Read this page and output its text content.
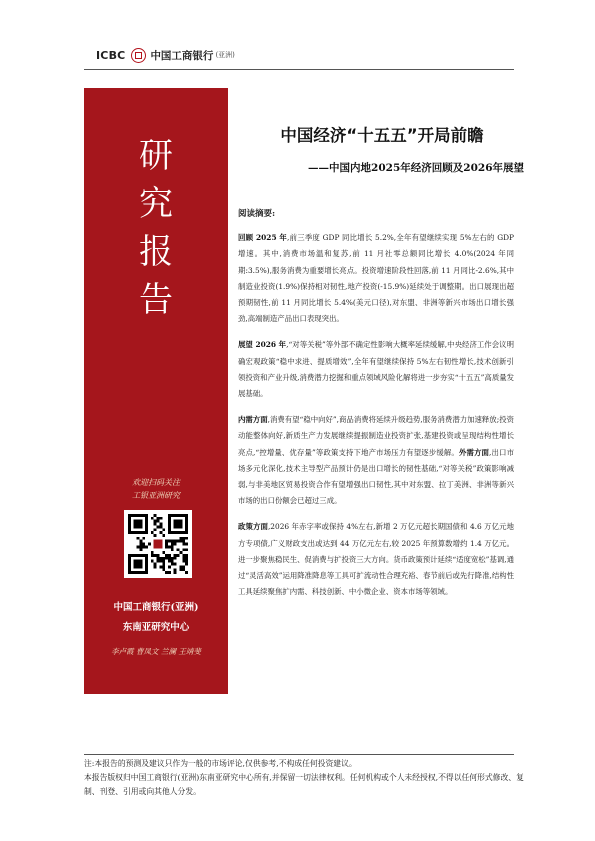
ICBC 中国工商银行 (亚洲)
研
究
报
告
欢迎扫码关注
工银亚洲研究
中国工商银行(亚洲)
东南亚研究中心
李卢霞 曹凤文 兰澜 王靖斐
中国经济“十五五”开局前瞻
——中国内地2025年经济回顾及2026年展望

阅读摘要:

回顾 2025 年,前三季度 GDP 同比增长 5.2%,全年有望继续实现 5%左右的 GDP 增速。其中,消费市场温和复苏,前 11 月社零总额同比增长 4.0%(2024 年同期:3.5%),服务消费为重要增长亮点。投资增速阶段性回落,前 11 月同比-2.6%,其中制造业投资(1.9%)保持相对韧性,地产投资(-15.9%)延续处于调整期。出口展现出超预期韧性,前 11 月同比增长 5.4%(美元口径),对东盟、非洲等新兴市场出口增长强劲,高端制造产品出口表现突出。

展望 2026 年,“对等关税”等外部不确定性影响大概率延续缓解,中央经济工作会议明确宏观政策“稳中求进、提质增效”,全年有望继续保持 5%左右韧性增长,技术创新引领投资和产业升级,消费潜力挖掘和重点领域风险化解将进一步夯实“十五五”高质量发展基础。

内需方面,消费有望“稳中向好”,商品消费将延续升级趋势,服务消费潜力加速释放;投资动能整体向好,新质生产力发展继续提振制造业投资扩张,基建投资或呈现结构性增长亮点,“控增量、优存量”等政策支持下地产市场压力有望逐步缓解。外需方面,出口市场多元化深化,技术主导型产品预计仍是出口增长的韧性基础,“对等关税”政策影响减弱,与非美地区贸易投资合作有望增强出口韧性,其中对东盟、拉丁美洲、非洲等新兴市场的出口份额会已超过三成。

政策方面,2026 年赤字率或保持 4%左右,新增 2 万亿元超长期国债和 4.6 万亿元地方专项债,广义财政支出或达到 44 万亿元左右,较 2025 年预算数增约 1.4 万亿元。进一步聚焦稳民生、促消费与扩投资三大方向。货币政策预计延续“适度宽松”基调,通过“灵活高效”运用降准降息等工具可扩流动性合理充裕、春节前后或先行降准,结构性工具延续聚焦扩内需、科技创新、中小微企业、资本市场等领域。

注:本报告的预测及建议只作为一般的市场评论,仅供参考,不构成任何投资建议。

本报告版权归中国工商银行(亚洲)东南亚研究中心所有,并保留一切法律权利。任何机构或个人未经授权,不得以任何形式修改、复制、刊登、引用或向其他人分发。
